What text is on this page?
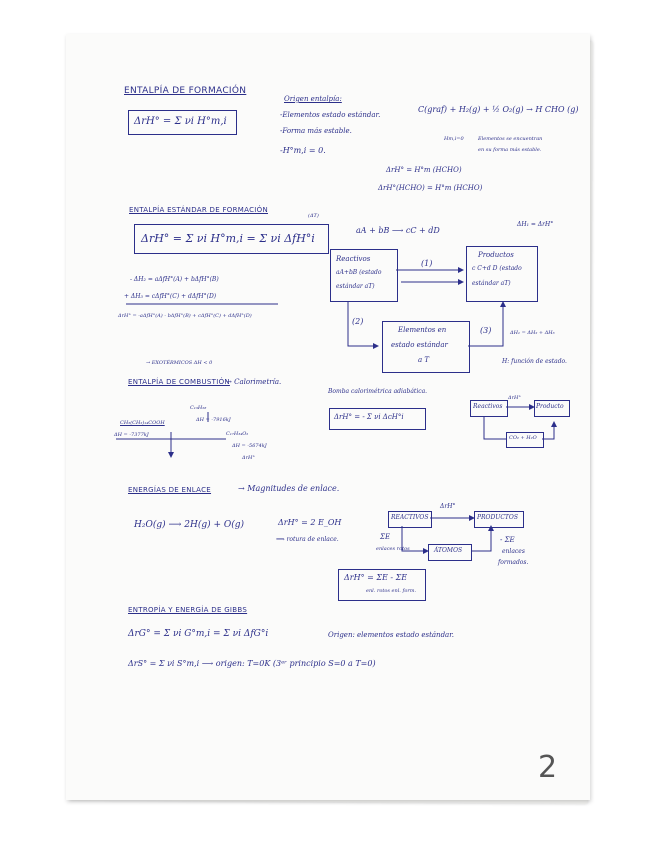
ENTALPÍA DE FORMACIÓN
ΔrH° = Σ νi H°m,i
Origen entalpía:
-Elementos estado estándar.
-Forma más estable.
-H°m,i = 0.
C(graf) + H₂(g) + ½ O₂(g) → H CHO (g)
Hm,i=0	Elementos se encuentran
en su forma más estable.
ΔrH° = H°m (HCHO)
ΔrH°(HCHO) = H°m (HCHO)
ENTALPÍA ESTÁNDAR DE FORMACIÓN
(ΔT)
ΔrH° = Σ νi H°m,i = Σ νi ΔfH°i
aA + bB ⟶ cC + dD
ΔH₁ = ΔrH°
Reactivos
aA+bB (estado
estándar aT)
Productos
c C+d D (estado
estándar aT)
(1)
(2)
(3)
Elementos en
estado estándar
a T
ΔH₁ = ΔH₂ + ΔH₃
H: función de estado.
- ΔH₂ = aΔfH°(A) + bΔfH°(B)
+ ΔH₃ = cΔfH°(C) + dΔfH°(D)
ΔrH° = -aΔfH°(A) - bΔfH°(B) + cΔfH°(C) + dΔfH°(D)
→ EXOTÉRMICOS ΔH < 0
ENTALPÍA DE COMBUSTIÓN
→ Calorimetría.
CH₃(CH₂)₁₄COOH
ΔH = -7377kJ
C₁₃H₂₈
ΔH = -7916kJ
C₁₇H₃₄O₂
ΔH = -5674kJ
ΔrH°
Bomba calorimétrica adiabática.
ΔrH° = - Σ νi ΔcH°i
Reactivos
ΔrH°
Producto
CO₂ + H₂O
ENERGÍAS DE ENLACE	→ Magnitudes de enlace.
H₂O(g) ⟶ 2H(g) + O(g)	ΔrH° = 2 E_OH
⟹ rotura de enlace.
REACTIVOS
ΔrH°
PRODUCTOS
ΣE
enlaces rotos	ÁTOMOS
- ΣE
enlaces
formados.
ΔrH° = ΣE - ΣE
enl. rotos enl. form.
ENTROPÍA Y ENERGÍA DE GIBBS
ΔrG° = Σ νi G°m,i = Σ νi ΔfG°i	Origen: elementos estado estándar.
ΔrS° = Σ νi S°m,i ⟶ origen: T=0K (3ᵉʳ principio S=0 a T=0)
2
